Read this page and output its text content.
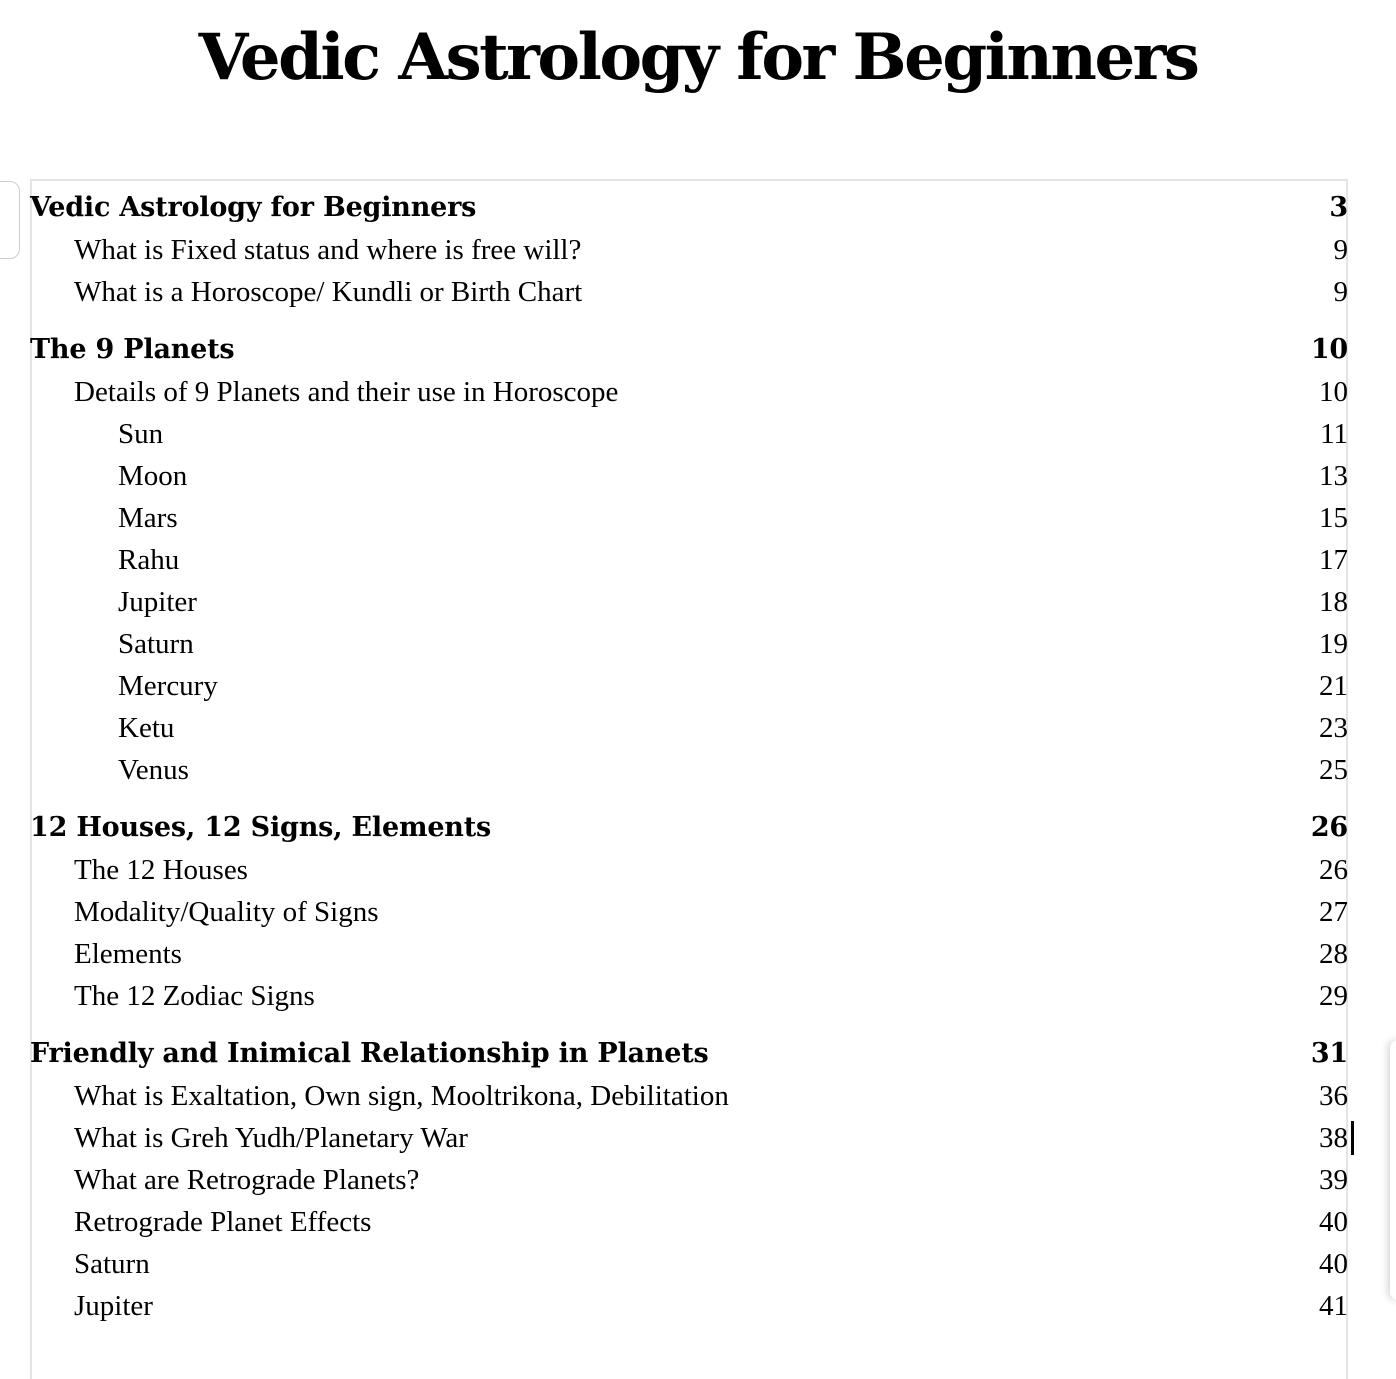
Vedic Astrology for Beginners
Vedic Astrology for Beginners	3
What is Fixed status and where is free will?	9
What is a Horoscope/ Kundli or Birth Chart	9
The 9 Planets	10
Details of 9 Planets and their use in Horoscope	10
Sun	11
Moon	13
Mars	15
Rahu	17
Jupiter	18
Saturn	19
Mercury	21
Ketu	23
Venus	25
12 Houses, 12 Signs, Elements	26
The 12 Houses	26
Modality/Quality of Signs	27
Elements	28
The 12 Zodiac Signs	29
Friendly and Inimical Relationship in Planets	31
What is Exaltation, Own sign, Mooltrikona, Debilitation	36
What is Greh Yudh/Planetary War	38
What are Retrograde Planets?	39
Retrograde Planet Effects	40
Saturn	40
Jupiter	41
